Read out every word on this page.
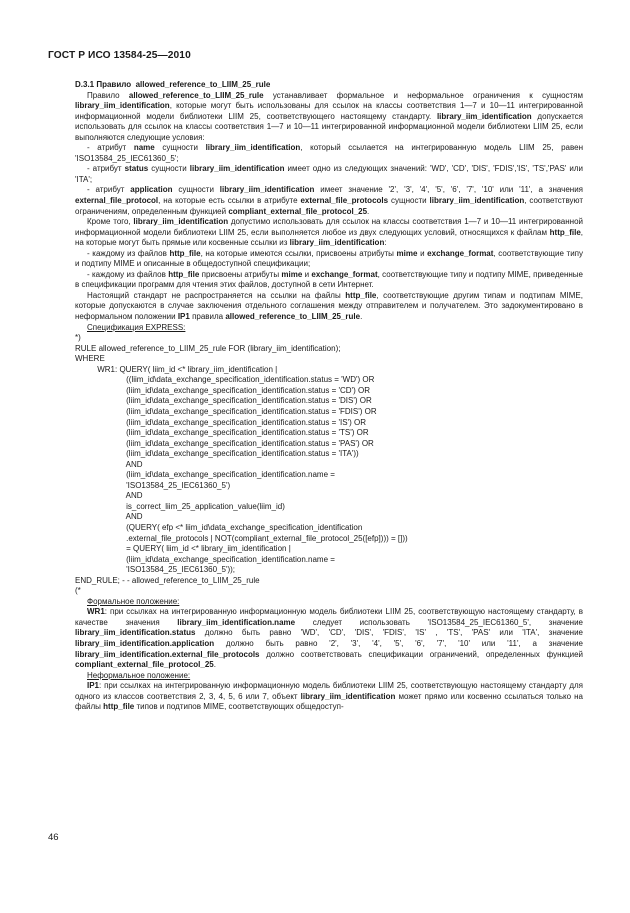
ГОСТ Р ИСО 13584-25—2010

D.3.1 Правило allowed_reference_to_LIIM_25_rule

Правило allowed_reference_to_LIIM_25_rule устанавливает формальное и неформальное ограничения к сущностям library_iim_identification, которые могут быть использованы для ссылок на классы соответствия 1—7 и 10—11 интегрированной информационной модели библиотеки LIIM 25, соответствующего настоящему стандарту. library_iim_identification допускается использовать для ссылок на классы соответствия 1—7 и 10—11 интегрированной информационной модели библиотеки LIIM 25, если выполняются следующие условия:

- атрибут name сущности library_iim_identification, который ссылается на интегрированную модель LIIM 25, равен 'ISO13584_25_IEC61360_5';

- атрибут status сущности library_iim_identification имеет одно из следующих значений: 'WD', 'CD', 'DIS', 'FDIS','IS', 'TS','PAS' или 'ITA';

- атрибут application сущности library_iim_identification имеет значение '2', '3', '4', '5', '6', '7', '10' или '11', а значения external_file_protocol, на которые есть ссылки в атрибуте external_file_protocols сущности library_iim_identification, соответствуют ограничениям, определенным функцией compliant_external_file_protocol_25.

Кроме того, library_iim_identification допустимо использовать для ссылок на классы соответствия 1—7 и 10—11 интегрированной информационной модели библиотеки LIIM 25, если выполняется любое из двух следующих условий, относящихся к файлам http_file, на которые могут быть прямые или косвенные ссылки из library_iim_identification:

- каждому из файлов http_file, на которые имеются ссылки, присвоены атрибуты mime и exchange_format, соответствующие типу и подтипу MIME и описанные в общедоступной спецификации;

- каждому из файлов http_file присвоены атрибуты mime и exchange_format, соответствующие типу и подтипу MIME, приведенные в спецификации программ для чтения этих файлов, доступной в сети Интернет.

Настоящий стандарт не распространяется на ссылки на файлы http_file, соответствующие другим типам и подтипам MIME, которые допускаются в случае заключения отдельного соглашения между отправителем и получателем. Это задокументировано в неформальном положении IP1 правила allowed_reference_to_LIIM_25_rule.

Спецификация EXPRESS:

*)
RULE allowed_reference_to_LIIM_25_rule FOR (library_iim_identification);
WHERE
WR1: QUERY( liim_id <* library_iim_identification |
((liim_id\data_exchange_specification_identification.status = 'WD') OR
(liim_id\data_exchange_specification_identification.status = 'CD') OR
(liim_id\data_exchange_specification_identification.status = 'DIS') OR
(liim_id\data_exchange_specification_identification.status = 'FDIS') OR
(liim_id\data_exchange_specification_identification.status = 'IS') OR
(liim_id\data_exchange_specification_identification.status = 'TS') OR
(liim_id\data_exchange_specification_identification.status = 'PAS') OR
(liim_id\data_exchange_specification_identification.status = 'ITA'))
AND
(liim_id\data_exchange_specification_identification.name =
'ISO13584_25_IEC61360_5')
AND
is_correct_liim_25_application_value(liim_id)
AND
(QUERY( efp <* liim_id\data_exchange_specification_identification
.external_file_protocols | NOT(compliant_external_file_protocol_25([efp]))) = []))
= QUERY( liim_id <* library_iim_identification |
(liim_id\data_exchange_specification_identification.name =
'ISO13584_25_IEC61360_5'));
END_RULE; - - allowed_reference_to_LIIM_25_rule
(*

Формальное положение:

WR1: при ссылках на интегрированную информационную модель библиотеки LIIM 25, соответствующую настоящему стандарту, в качестве значения library_iim_identification.name следует использовать 'ISO13584_25_IEC61360_5', значение library_iim_identification.status должно быть равно 'WD', 'CD', 'DIS', 'FDIS', 'IS' , 'TS', 'PAS' или 'ITA', значение library_iim_identification.application должно быть равно '2', '3', '4', '5', '6', '7', '10' или '11', а значение library_iim_identification.external_file_protocols должно соответствовать спецификации ограничений, определенных функцией compliant_external_file_protocol_25.

Неформальное положение:

IP1: при ссылках на интегрированную информационную модель библиотеки LIIM 25, соответствующую настоящему стандарту для одного из классов соответствия 2, 3, 4, 5, 6 или 7, объект library_iim_identification может прямо или косвенно ссылаться только на файлы http_file типов и подтипов MIME, соответствующих общедоступ-

46
